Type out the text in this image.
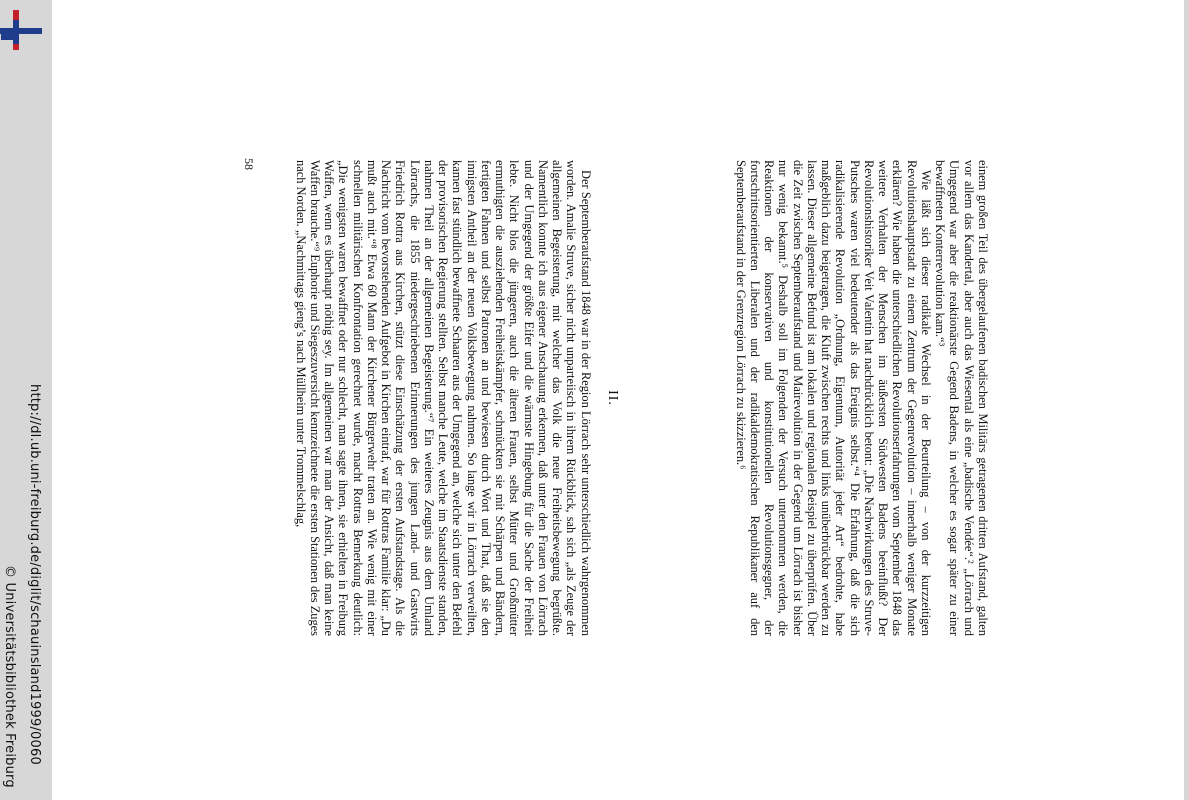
http://dl.ub.uni-freiburg.de/diglit/schauinsland1999/0060
© Universitätsbibliothek Freiburg
58	einem großen Teil des übergelaufenen badischen Militärs getragenen dritten Aufstand, galten vor allem das Kandertal, aber auch das Wiesental als eine „badische Vendée“.² „Lörrach und Umgegend war aber die reaktionärste Gegend Badens, in welcher es sogar später zu einer bewaffneten Konterrevolution kam.“³

Wie läßt sich dieser radikale Wechsel in der Beurteilung – von der kurzzeitigen Revolutionshauptstadt zu einem Zentrum der Gegenrevolution – innerhalb weniger Monate erklären? Wie haben die unterschiedlichen Revolutionserfahrungen vom September 1848 das weitere Verhalten der Menschen im äußersten Südwesten Badens beeinflußt? Der Revolutionshistoriker Veit Valentin hat nachdrücklich betont: „Die Nachwirkungen des Struve-Putsches waren viel bedeutender als das Ereignis selbst.“⁴ Die Erfahrung, daß die sich radikalisierende Revolution „Ordnung, Eigentum, Autorität jeder Art“ bedrohte, habe maßgeblich dazu beigetragen, die Kluft zwischen rechts und links unüberbrückbar werden zu lassen. Dieser allgemeine Befund ist am lokalen und regionalen Beispiel zu überprüfen. Über die Zeit zwischen Septemberaufstand und Mairevolution in der Gegend um Lörrach ist bisher nur wenig bekannt.⁵ Deshalb soll im Folgenden der Versuch unternommen werden, die Reaktionen der konservativen und konstitutionellen Revolutionsgegner, der fortschrittsorientierten Liberalen und der radikaldemokratischen Republikaner auf den Septemberaufstand in der Grenzregion Lörrach zu skizzieren.⁶

II.

Der Septemberaufstand 1848 war in der Region Lörrach sehr unterschiedlich wahrgenommen worden. Amalie Struve, sicher nicht unparteiisch in ihrem Rückblick, sah sich „als Zeuge der allgemeinen Begeisterung, mit welcher das Volk die neue Freiheitsbewegung begrüßte. Namentlich konnte ich aus eigener Anschauung erkennen, daß unter den Frauen von Lörrach und der Umgegend der größte Eifer und die wärmste Hingebung für die Sache der Freiheit lebte. Nicht blos die jüngeren, auch die älteren Frauen, selbst Mütter und Großmütter ermuthigten die ausziehenden Freiheitskämpfer, schmückten sie mit Schärpen und Bändern, fertigten Fahnen und selbst Patronen an und bewiesen durch Wort und That, daß sie den innigsten Antheil an der neuen Volksbewegung nahmen. So lange wir in Lörrach verweilten, kamen fast stündlich bewaffnete Schaaren aus der Umgegend an, welche sich unter den Befehl der provisorischen Regierung stellten. Selbst manche Leute, welche im Staatsdienste standen, nahmen Theil an der allgemeinen Begeisterung.“⁷ Ein weiteres Zeugnis aus dem Umland Lörrachs, die 1855 niedergeschriebenen Erinnerungen des jungen Land- und Gastwirts Friedrich Rottra aus Kirchen, stützt diese Einschätzung der ersten Aufstandstage. Als die Nachricht vom bevorstehenden Aufgebot in Kirchen eintraf, war für Rottras Familie klar: „Du mußt auch mit.“⁸ Etwa 60 Mann der Kirchener Bürgerwehr traten an. Wie wenig mit einer schnellen militärischen Konfrontation gerechnet wurde, macht Rottras Bemerkung deutlich: „Die wenigsten waren bewaffnet oder nur schlecht, man sagte ihnen, sie erhielten in Freiburg Waffen, wenn es überhaupt nöthig sey. Im allgemeinen war man der Ansicht, daß man keine Waffen brauche.“⁹ Euphorie und Siegeszuversicht kennzeichnete die ersten Stationen des Zuges nach Norden. „Nachmittags gieng’s nach Müllheim unter Trommelschlag,
